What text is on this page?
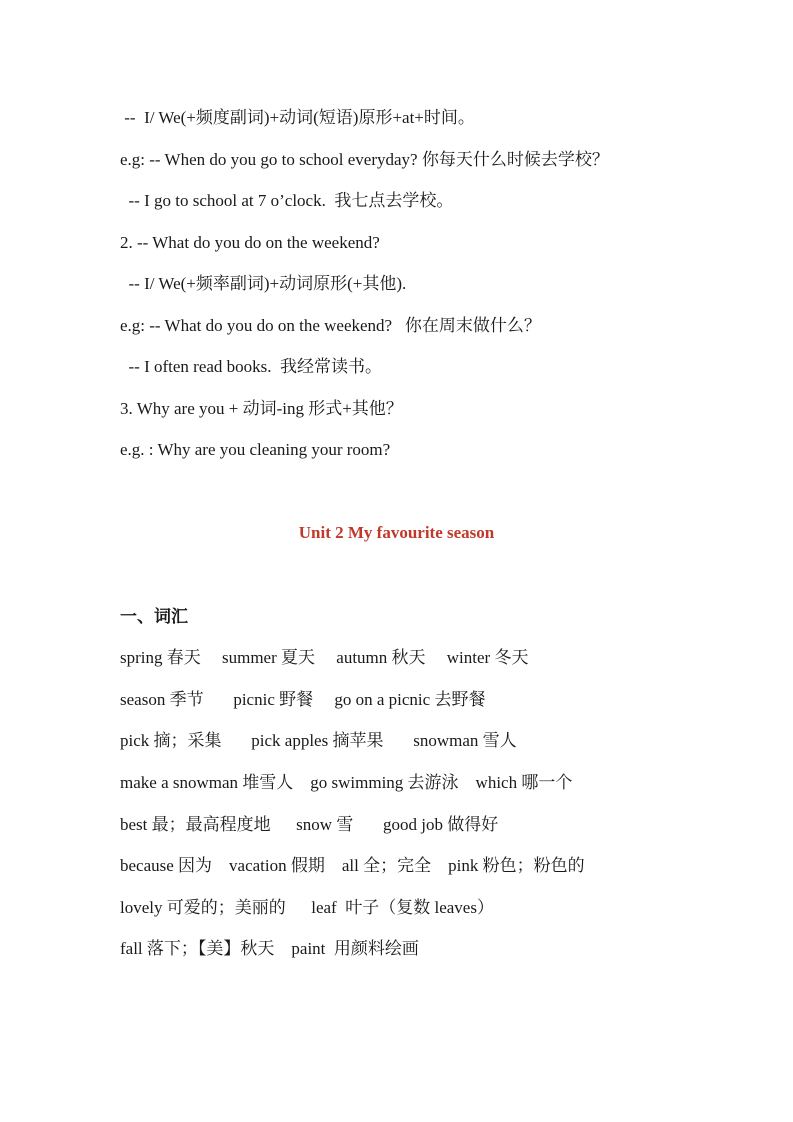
--  I/ We(+频度副词)+动词(短语)原形+at+时间。
e.g: -- When do you go to school everyday? 你每天什么时候去学校？
-- I go to school at 7 o’clock.  我七点去学校。
2. -- What do you do on the weekend?
-- I/ We(+频率副词)+动词原形(+其他).
e.g: -- What do you do on the weekend?   你在周末做什么？
-- I often read books.  我经常读书。
3. Why are you + 动词-ing 形式+其他？
e.g. : Why are you cleaning your room?
Unit 2 My favourite season
一、词汇
spring 春天     summer 夏天     autumn 秋天     winter 冬天
season 季节       picnic 野餐     go on a picnic 去野餐
pick 摘；采集       pick apples 摘苹果       snowman 雪人
make a snowman 堆雪人    go swimming 去游泳    which 哪一个
best 最；最高程度地      snow 雪       good job 做得好
because 因为    vacation 假期    all 全；完全    pink 粉色；粉色的
lovely 可爱的；美丽的      leaf  叶子（复数 leaves）
fall 落下；【美】秋天    paint  用颜料绘画
